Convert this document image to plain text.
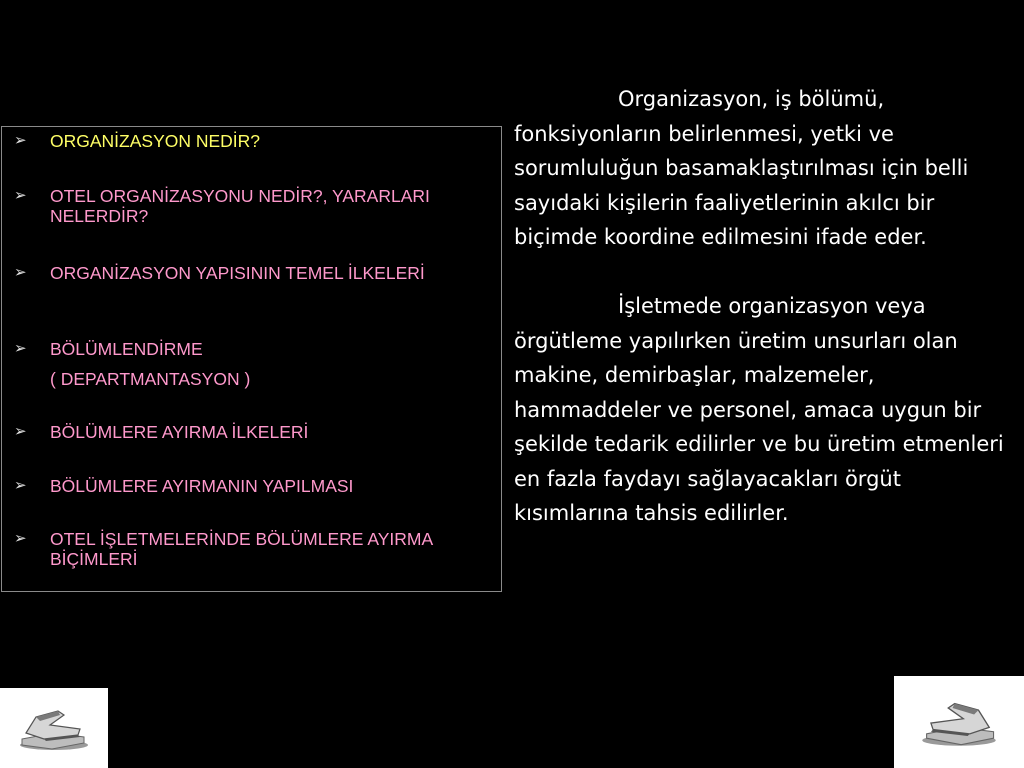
➢ ORGANİZASYON NEDİR?
➢ OTEL ORGANİZASYONU NEDİR?, YARARLARI NELERDİR?
➢ ORGANİZASYON YAPISININ TEMEL İLKELERİ
➢ BÖLÜMLENDİRME
( DEPARTMANTASYON )
➢ BÖLÜMLERE AYIRMA İLKELERİ
➢ BÖLÜMLERE AYIRMANIN YAPILMASI
➢ OTEL İŞLETMELERİNDE BÖLÜMLERE AYIRMA BİÇİMLERİ

Organizasyon, iş bölümü, fonksiyonların belirlenmesi, yetki ve sorumluluğun basamaklaştırılması için belli sayıdaki kişilerin faaliyetlerinin akılcı bir biçimde koordine edilmesini ifade eder.

İşletmede organizasyon veya örgütleme yapılırken üretim unsurları olan makine, demirbaşlar, malzemeler, hammaddeler ve personel, amaca uygun bir şekilde tedarik edilirler ve bu üretim etmenleri en fazla faydayı sağlayacakları örgüt kısımlarına tahsis edilirler.
